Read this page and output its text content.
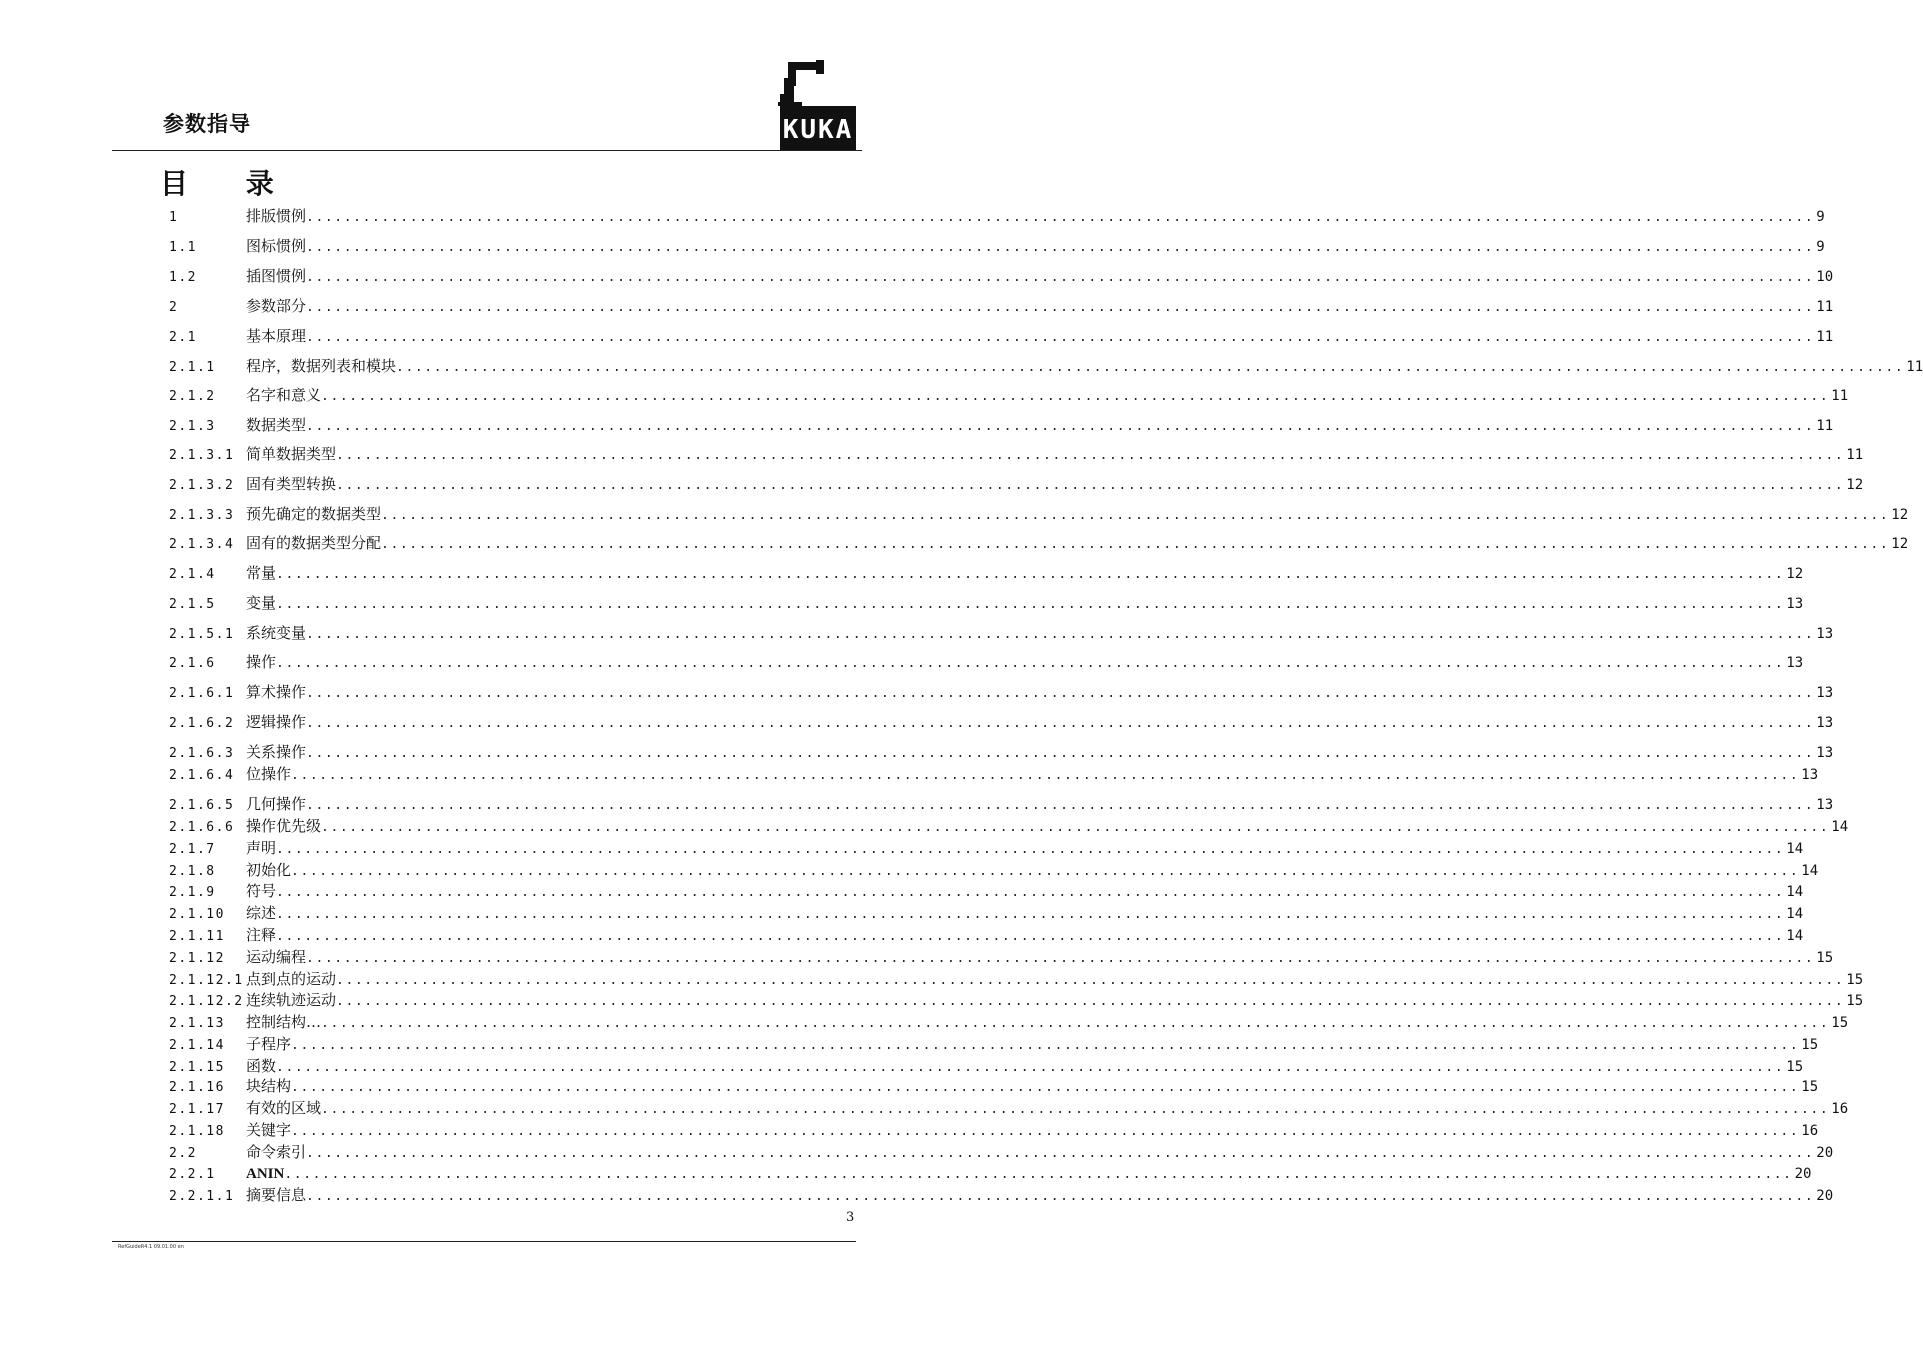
参数指导	KUKA
目 录
1	排版惯例 ................................................................................................................................................................ 9
1.1	图标惯例 ................................................................................................................................................................ 9
1.2	插图惯例 ................................................................................................................................................................ 10
2	参数部分 ................................................................................................................................................................ 11
2.1	基本原理 ................................................................................................................................................................ 11
2.1.1	程序，数据列表和模块 ................................................................................................................................................................ 11
2.1.2	名字和意义 ................................................................................................................................................................ 11
2.1.3	数据类型 ................................................................................................................................................................ 11
2.1.3.1 简单数据类型 ................................................................................................................................................................ 11
2.1.3.2 固有类型转换 ................................................................................................................................................................ 12
2.1.3.3 预先确定的数据类型 ................................................................................................................................................................ 12
2.1.3.4 固有的数据类型分配 ................................................................................................................................................................ 12
2.1.4	常量 ................................................................................................................................................................ 12
2.1.5	变量 ................................................................................................................................................................ 13
2.1.5.1 系统变量 ................................................................................................................................................................ 13
2.1.6	操作 ................................................................................................................................................................ 13
2.1.6.1 算术操作 ................................................................................................................................................................ 13
2.1.6.2 逻辑操作 ................................................................................................................................................................ 13
2.1.6.3 关系操作 ................................................................................................................................................................ 13
2.1.6.4 位操作 ................................................................................................................................................................ 13
2.1.6.5 几何操作 ................................................................................................................................................................ 13
2.1.6.6 操作优先级 ................................................................................................................................................................ 14
2.1.7	声明 ................................................................................................................................................................ 14
2.1.8	初始化 ................................................................................................................................................................ 14
2.1.9	符号 ................................................................................................................................................................ 14
2.1.10	综述 ................................................................................................................................................................ 14
2.1.11	注释 ................................................................................................................................................................ 14
2.1.12	运动编程 ................................................................................................................................................................ 15
2.1.12.1 点到点的运动 ................................................................................................................................................................ 15
2.1.12.2 连续轨迹运动 ................................................................................................................................................................ 15
2.1.13	控制结构… ................................................................................................................................................................ 15
2.1.14	子程序 ................................................................................................................................................................ 15
2.1.15	函数 ................................................................................................................................................................ 15
2.1.16	块结构 ................................................................................................................................................................ 15
2.1.17	有效的区域 ................................................................................................................................................................ 16
2.1.18	关键字 ................................................................................................................................................................ 16
2.2	命令索引 ................................................................................................................................................................ 20
2.2.1	ANIN ................................................................................................................................................................ 20
2.2.1.1 摘要信息 ................................................................................................................................................................ 20
3
RefGuideR4.1 09.01.00 en
